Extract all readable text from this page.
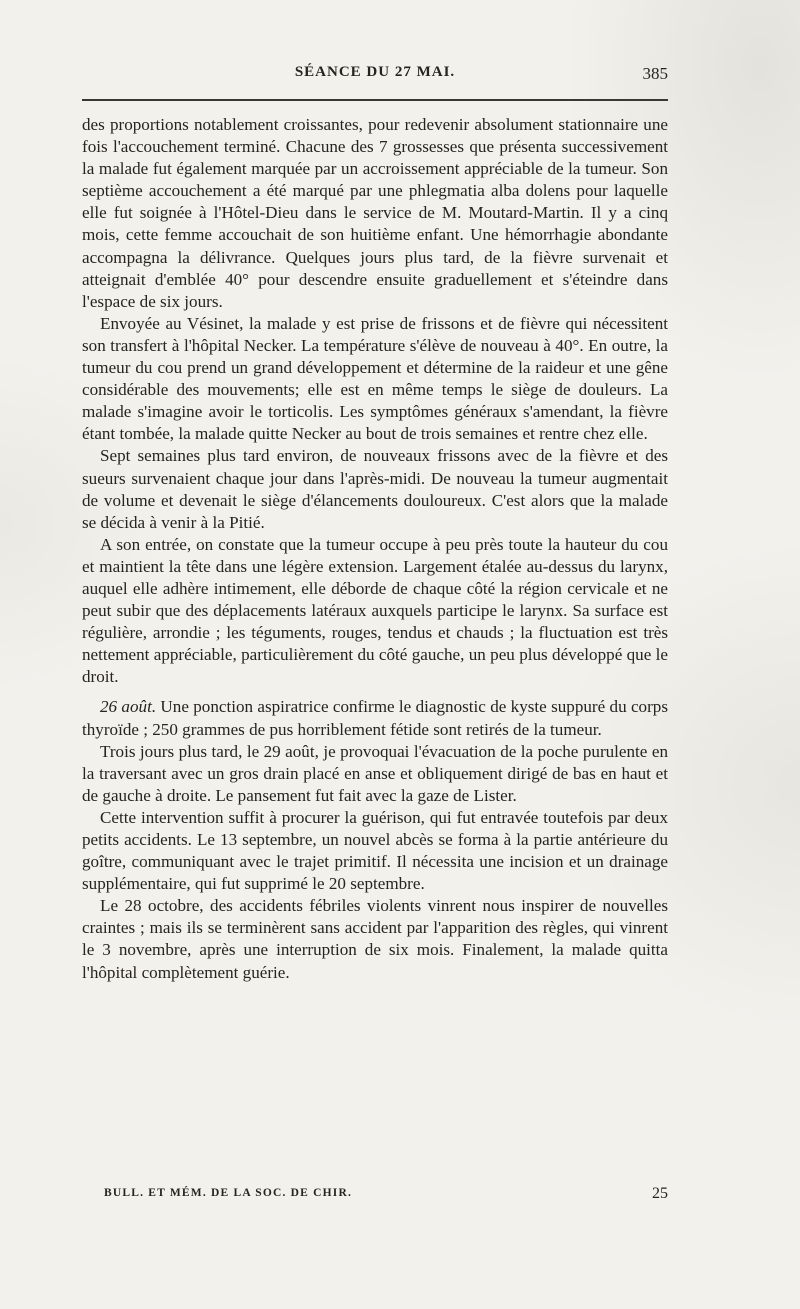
SÉANCE DU 27 MAI.	385

des proportions notablement croissantes, pour redevenir absolument stationnaire une fois l'accouchement terminé. Chacune des 7 grossesses que présenta successivement la malade fut également marquée par un accroissement appréciable de la tumeur. Son septième accouchement a été marqué par une phlegmatia alba dolens pour laquelle elle fut soignée à l'Hôtel-Dieu dans le service de M. Moutard-Martin. Il y a cinq mois, cette femme accouchait de son huitième enfant. Une hémorrhagie abondante accompagna la délivrance. Quelques jours plus tard, de la fièvre survenait et atteignait d'emblée 40° pour descendre ensuite graduellement et s'éteindre dans l'espace de six jours.

Envoyée au Vésinet, la malade y est prise de frissons et de fièvre qui nécessitent son transfert à l'hôpital Necker. La température s'élève de nouveau à 40°. En outre, la tumeur du cou prend un grand développement et détermine de la raideur et une gêne considérable des mouvements; elle est en même temps le siège de douleurs. La malade s'imagine avoir le torticolis. Les symptômes généraux s'amendant, la fièvre étant tombée, la malade quitte Necker au bout de trois semaines et rentre chez elle.

Sept semaines plus tard environ, de nouveaux frissons avec de la fièvre et des sueurs survenaient chaque jour dans l'après-midi. De nouveau la tumeur augmentait de volume et devenait le siège d'élancements douloureux. C'est alors que la malade se décida à venir à la Pitié.

A son entrée, on constate que la tumeur occupe à peu près toute la hauteur du cou et maintient la tête dans une légère extension. Largement étalée au-dessus du larynx, auquel elle adhère intimement, elle déborde de chaque côté la région cervicale et ne peut subir que des déplacements latéraux auxquels participe le larynx. Sa surface est régulière, arrondie ; les téguments, rouges, tendus et chauds ; la fluctuation est très nettement appréciable, particulièrement du côté gauche, un peu plus développé que le droit.

26 août. Une ponction aspiratrice confirme le diagnostic de kyste suppuré du corps thyroïde ; 250 grammes de pus horriblement fétide sont retirés de la tumeur.

Trois jours plus tard, le 29 août, je provoquai l'évacuation de la poche purulente en la traversant avec un gros drain placé en anse et obliquement dirigé de bas en haut et de gauche à droite. Le pansement fut fait avec la gaze de Lister.

Cette intervention suffit à procurer la guérison, qui fut entravée toutefois par deux petits accidents. Le 13 septembre, un nouvel abcès se forma à la partie antérieure du goître, communiquant avec le trajet primitif. Il nécessita une incision et un drainage supplémentaire, qui fut supprimé le 20 septembre.

Le 28 octobre, des accidents fébriles violents vinrent nous inspirer de nouvelles craintes ; mais ils se terminèrent sans accident par l'apparition des règles, qui vinrent le 3 novembre, après une interruption de six mois. Finalement, la malade quitta l'hôpital complètement guérie.

BULL. ET MÉM. DE LA SOC. DE CHIR.	25
